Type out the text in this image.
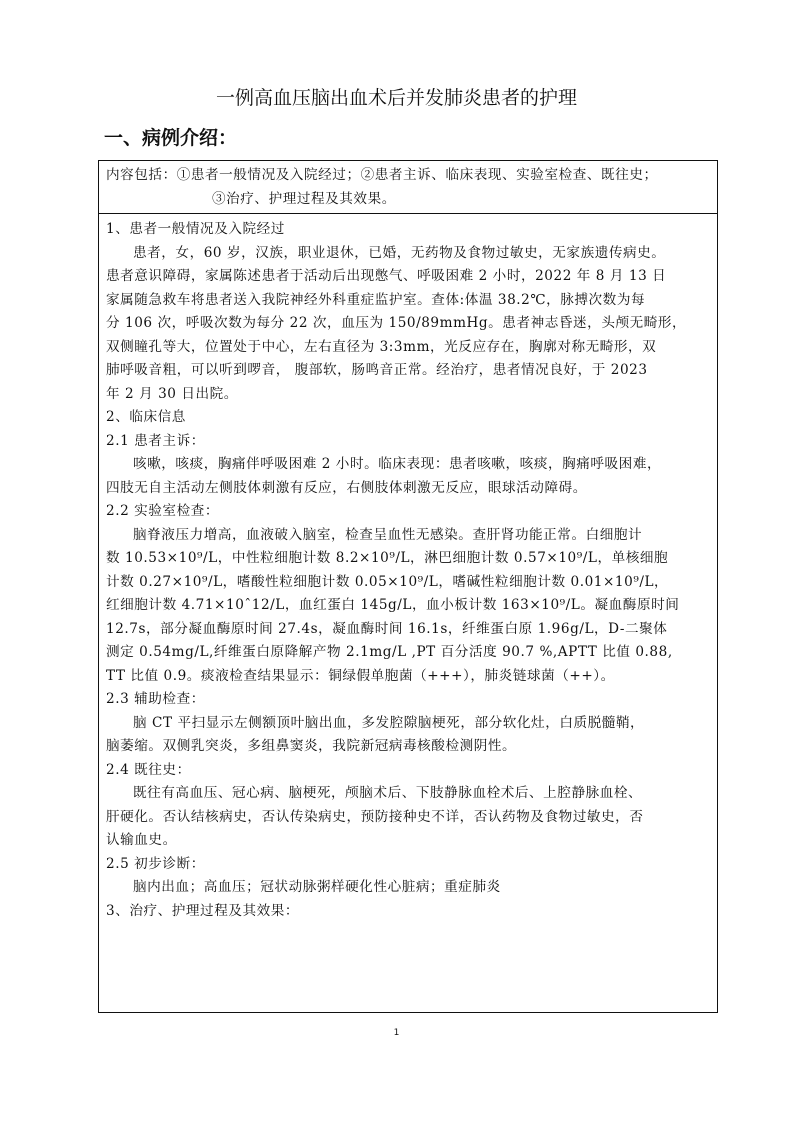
一例高血压脑出血术后并发肺炎患者的护理
一、病例介绍：
内容包括：①患者一般情况及入院经过；②患者主诉、临床表现、实验室检查、既往史；
③治疗、护理过程及其效果。
1、患者一般情况及入院经过
患者，女，60 岁，汉族，职业退休，已婚，无药物及食物过敏史，无家族遗传病史。
患者意识障碍，家属陈述患者于活动后出现憋气、呼吸困难 2 小时，2022 年 8 月 13 日
家属随急救车将患者送入我院神经外科重症监护室。查体:体温 38.2℃，脉搏次数为每
分 106 次，呼吸次数为每分 22 次，血压为 150/89mmHg。患者神志昏迷，头颅无畸形，
双侧瞳孔等大，位置处于中心，左右直径为 3:3mm，光反应存在，胸廓对称无畸形，双
肺呼吸音粗，可以听到啰音， 腹部软，肠鸣音正常。经治疗，患者情况良好，于 2023
年 2 月 30 日出院。
2、临床信息
2.1 患者主诉：
咳嗽，咳痰，胸痛伴呼吸困难 2 小时。临床表现：患者咳嗽，咳痰，胸痛呼吸困难，
四肢无自主活动左侧肢体刺激有反应，右侧肢体刺激无反应，眼球活动障碍。
2.2 实验室检查：
脑脊液压力增高，血液破入脑室，检查呈血性无感染。查肝肾功能正常。白细胞计
数 10.53×10⁹/L，中性粒细胞计数 8.2×10⁹/L，淋巴细胞计数 0.57×10⁹/L，单核细胞
计数 0.27×10⁹/L，嗜酸性粒细胞计数 0.05×10⁹/L，嗜碱性粒细胞计数 0.01×10⁹/L，
红细胞计数 4.71×10ˆ12/L，血红蛋白 145g/L，血小板计数 163×10⁹/L。凝血酶原时间
12.7s，部分凝血酶原时间 27.4s，凝血酶时间 16.1s，纤维蛋白原 1.96g/L，D-二聚体
测定 0.54mg/L,纤维蛋白原降解产物 2.1mg/L ,PT 百分活度 90.7 %,APTT 比值 0.88,
TT 比值 0.9。痰液检查结果显示：铜绿假单胞菌（+++），肺炎链球菌（++）。
2.3 辅助检查：
脑 CT 平扫显示左侧额顶叶脑出血，多发腔隙脑梗死，部分软化灶，白质脱髓鞘，
脑萎缩。双侧乳突炎，多组鼻窦炎，我院新冠病毒核酸检测阴性。
2.4 既往史：
既往有高血压、冠心病、脑梗死，颅脑术后、下肢静脉血栓术后、上腔静脉血栓、
肝硬化。否认结核病史，否认传染病史，预防接种史不详，否认药物及食物过敏史，否
认输血史。
2.5 初步诊断：
脑内出血；高血压；冠状动脉粥样硬化性心脏病；重症肺炎
3、治疗、护理过程及其效果：
1
